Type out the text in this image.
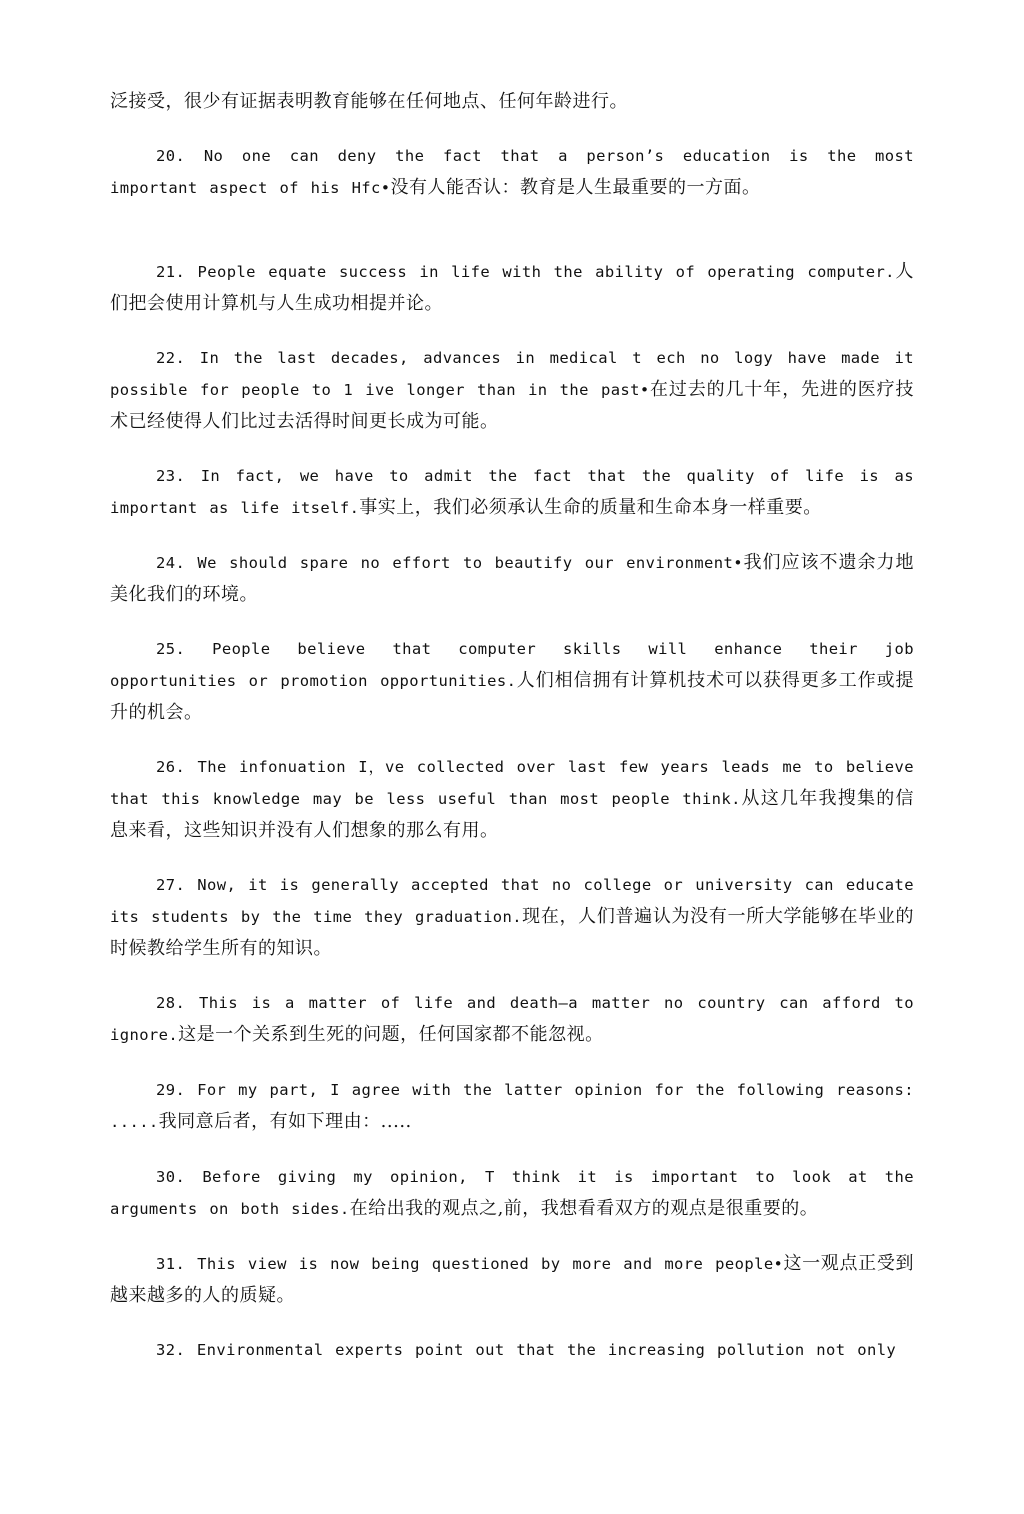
泛接受，很少有证据表明教育能够在任何地点、任何年龄进行。

20. No one can deny the fact that a person’s education is the most important aspect of his Hfc•没有人能否认：教育是人生最重要的一方面。

21. People equate success in life with the ability of operating computer.人们把会使用计算机与人生成功相提并论。

22. In the last decades, advances in medical t ech no logy have made it possible for people to 1 ive longer than in the past•在过去的几十年，先进的医疗技术已经使得人们比过去活得时间更长成为可能。

23. In fact, we have to admit the fact that the quality of life is as important as life itself.事实上，我们必须承认生命的质量和生命本身一样重要。

24. We should spare no effort to beautify our environment•我们应该不遗余力地美化我们的环境。

25. People believe that computer skills will enhance their job opportunities or promotion opportunities.人们相信拥有计算机技术可以获得更多工作或提升的机会。

26. The infonuation I，ve collected over last few years leads me to believe that this knowledge may be less useful than most people think.从这几年我搜集的信息来看，这些知识并没有人们想象的那么有用。

27. Now, it is generally accepted that no college or university can educate its students by the time they graduation.现在，人们普遍认为没有一所大学能够在毕业的时候教给学生所有的知识。

28. This is a matter of life and death—a matter no country can afford to ignore.这是一个关系到生死的问题，任何国家都不能忽视。

29. For my part, I agree with the latter opinion for the following reasons: .....我同意后者，有如下理由：.....

30. Before giving my opinion, T think it is important to look at the arguments on both sides.在给出我的观点之,前，我想看看双方的观点是很重要的。

31. This view is now being questioned by more and more people•这一观点正受到越来越多的人的质疑。

32. Environmental experts point out that the increasing pollution not only
